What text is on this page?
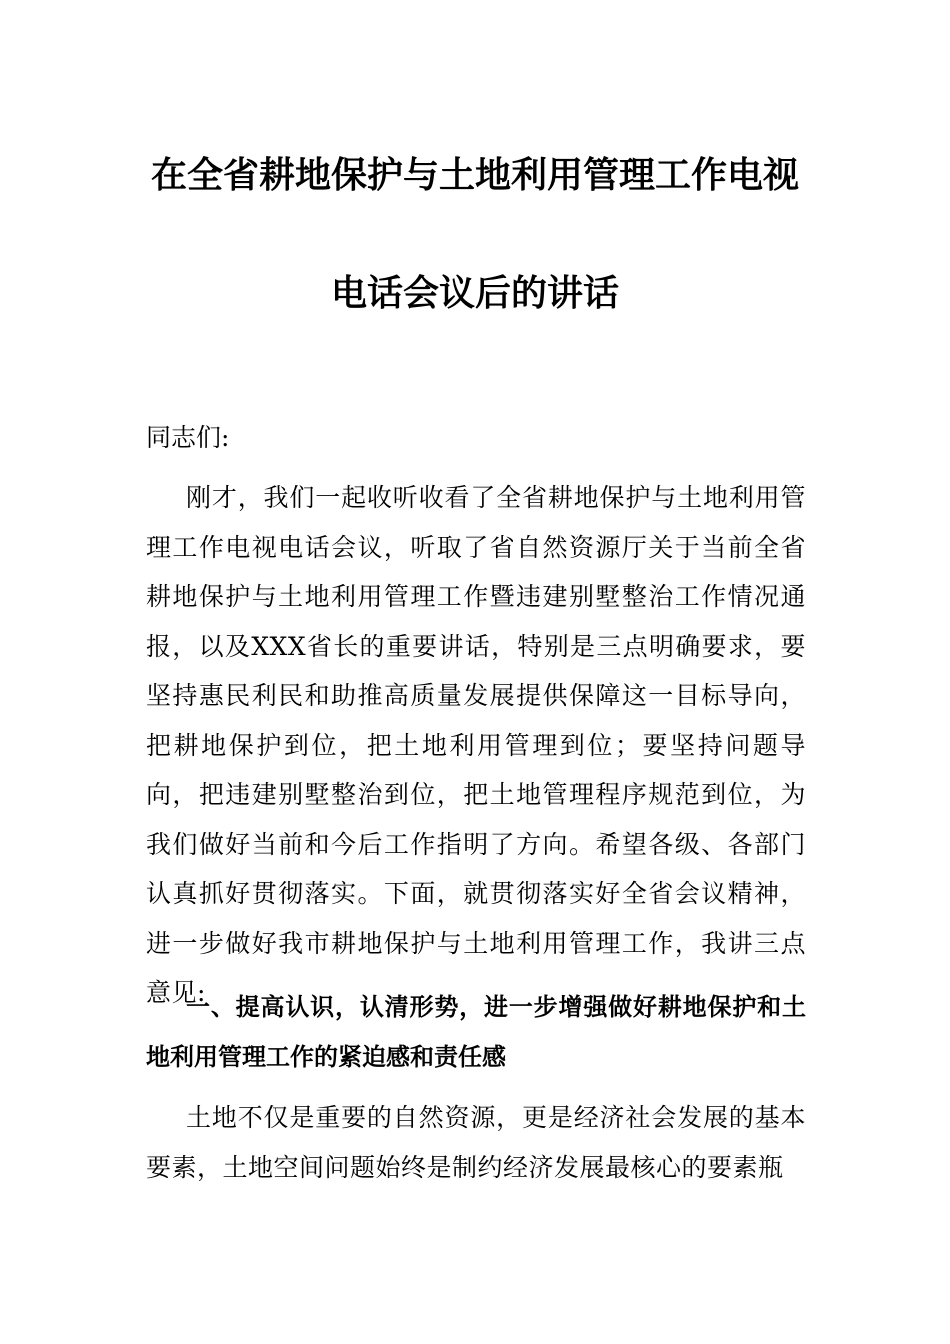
在全省耕地保护与土地利用管理工作电视
电话会议后的讲话
同志们:
刚才，我们一起收听收看了全省耕地保护与土地利用管理工作电视电话会议，听取了省自然资源厅关于当前全省耕地保护与土地利用管理工作暨违建别墅整治工作情况通报，以及XXX省长的重要讲话，特别是三点明确要求，要坚持惠民利民和助推高质量发展提供保障这一目标导向，把耕地保护到位，把土地利用管理到位；要坚持问题导向，把违建别墅整治到位，把土地管理程序规范到位，为我们做好当前和今后工作指明了方向。希望各级、各部门认真抓好贯彻落实。下面，就贯彻落实好全省会议精神，进一步做好我市耕地保护与土地利用管理工作，我讲三点意见:
一、提高认识，认清形势，进一步增强做好耕地保护和土地利用管理工作的紧迫感和责任感
土地不仅是重要的自然资源，更是经济社会发展的基本要素，土地空间问题始终是制约经济发展最核心的要素瓶
